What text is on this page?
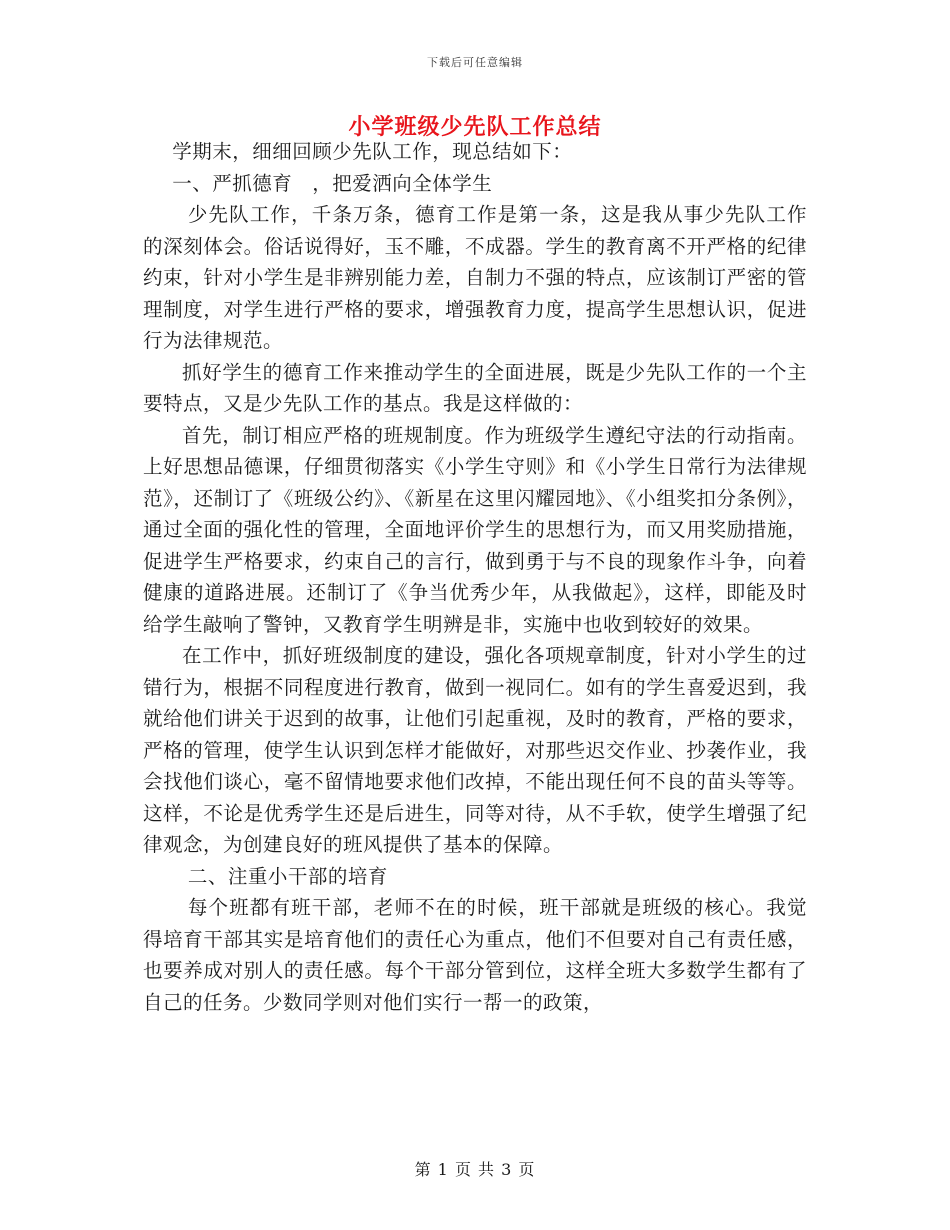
下载后可任意编辑
小学班级少先队工作总结

学期末，细细回顾少先队工作，现总结如下：

一、严抓德育　，把爱洒向全体学生

少先队工作，千条万条，德育工作是第一条，这是我从事少先队工作的深刻体会。俗话说得好，玉不雕，不成器。学生的教育离不开严格的纪律约束，针对小学生是非辨别能力差，自制力不强的特点，应该制订严密的管理制度，对学生进行严格的要求，增强教育力度，提高学生思想认识，促进行为法律规范。

抓好学生的德育工作来推动学生的全面进展，既是少先队工作的一个主要特点，又是少先队工作的基点。我是这样做的：

首先，制订相应严格的班规制度。作为班级学生遵纪守法的行动指南。上好思想品德课，仔细贯彻落实《小学生守则》和《小学生日常行为法律规范》，还制订了《班级公约》、《新星在这里闪耀园地》、《小组奖扣分条例》，通过全面的强化性的管理，全面地评价学生的思想行为，而又用奖励措施，促进学生严格要求，约束自己的言行，做到勇于与不良的现象作斗争，向着健康的道路进展。还制订了《争当优秀少年，从我做起》，这样，即能及时给学生敲响了警钟，又教育学生明辨是非，实施中也收到较好的效果。

在工作中，抓好班级制度的建设，强化各项规章制度，针对小学生的过错行为，根据不同程度进行教育，做到一视同仁。如有的学生喜爱迟到，我就给他们讲关于迟到的故事，让他们引起重视，及时的教育，严格的要求，严格的管理，使学生认识到怎样才能做好，对那些迟交作业、抄袭作业，我会找他们谈心，毫不留情地要求他们改掉，不能出现任何不良的苗头等等。这样，不论是优秀学生还是后进生，同等对待，从不手软，使学生增强了纪律观念，为创建良好的班风提供了基本的保障。

二、注重小干部的培育

每个班都有班干部，老师不在的时候，班干部就是班级的核心。我觉得培育干部其实是培育他们的责任心为重点，他们不但要对自己有责任感，也要养成对别人的责任感。每个干部分管到位，这样全班大多数学生都有了自己的任务。少数同学则对他们实行一帮一的政策，

第 1 页 共 3 页
